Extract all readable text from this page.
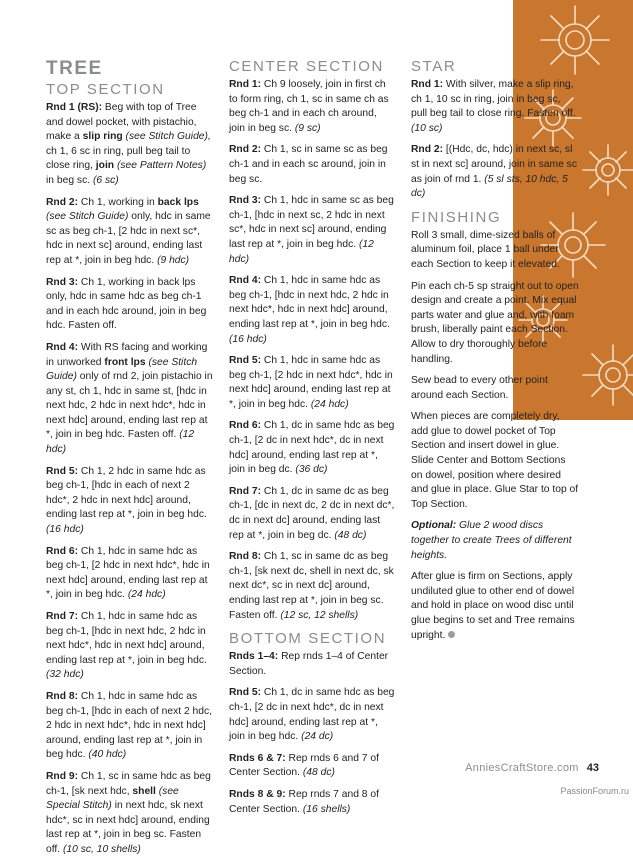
TREE
TOP SECTION
Rnd 1 (RS): Beg with top of Tree and dowel pocket, with pistachio, make a slip ring (see Stitch Guide), ch 1, 6 sc in ring, pull beg tail to close ring, join (see Pattern Notes) in beg sc. (6 sc)
Rnd 2: Ch 1, working in back lps (see Stitch Guide) only, hdc in same sc as beg ch-1, [2 hdc in next sc*, hdc in next sc] around, ending last rep at *, join in beg hdc. (9 hdc)
Rnd 3: Ch 1, working in back lps only, hdc in same hdc as beg ch-1 and in each hdc around, join in beg hdc. Fasten off.
Rnd 4: With RS facing and working in unworked front lps (see Stitch Guide) only of rnd 2, join pistachio in any st, ch 1, hdc in same st, [hdc in next hdc, 2 hdc in next hdc*, hdc in next hdc] around, ending last rep at *, join in beg hdc. Fasten off. (12 hdc)
Rnd 5: Ch 1, 2 hdc in same hdc as beg ch-1, [hdc in each of next 2 hdc*, 2 hdc in next hdc] around, ending last rep at *, join in beg hdc. (16 hdc)
Rnd 6: Ch 1, hdc in same hdc as beg ch-1, [2 hdc in next hdc*, hdc in next hdc] around, ending last rep at *, join in beg hdc. (24 hdc)
Rnd 7: Ch 1, hdc in same hdc as beg ch-1, [hdc in next hdc, 2 hdc in next hdc*, hdc in next hdc] around, ending last rep at *, join in beg hdc. (32 hdc)
Rnd 8: Ch 1, hdc in same hdc as beg ch-1, [hdc in each of next 2 hdc, 2 hdc in next hdc*, hdc in next hdc] around, ending last rep at *, join in beg hdc. (40 hdc)
Rnd 9: Ch 1, sc in same hdc as beg ch-1, [sk next hdc, shell (see Special Stitch) in next hdc, sk next hdc*, sc in next hdc] around, ending last rep at *, join in beg sc. Fasten off. (10 sc, 10 shells)
CENTER SECTION
Rnd 1: Ch 9 loosely, join in first ch to form ring, ch 1, sc in same ch as beg ch-1 and in each ch around, join in beg sc. (9 sc)
Rnd 2: Ch 1, sc in same sc as beg ch-1 and in each sc around, join in beg sc.
Rnd 3: Ch 1, hdc in same sc as beg ch-1, [hdc in next sc, 2 hdc in next sc*, hdc in next sc] around, ending last rep at *, join in beg hdc. (12 hdc)
Rnd 4: Ch 1, hdc in same hdc as beg ch-1, [hdc in next hdc, 2 hdc in next hdc*, hdc in next hdc] around, ending last rep at *, join in beg hdc. (16 hdc)
Rnd 5: Ch 1, hdc in same hdc as beg ch-1, [2 hdc in next hdc*, hdc in next hdc] around, ending last rep at *, join in beg hdc. (24 hdc)
Rnd 6: Ch 1, dc in same hdc as beg ch-1, [2 dc in next hdc*, dc in next hdc] around, ending last rep at *, join in beg dc. (36 dc)
Rnd 7: Ch 1, dc in same dc as beg ch-1, [dc in next dc, 2 dc in next dc*, dc in next dc] around, ending last rep at *, join in beg dc. (48 dc)
Rnd 8: Ch 1, sc in same dc as beg ch-1, [sk next dc, shell in next dc, sk next dc*, sc in next dc] around, ending last rep at *, join in beg sc. Fasten off. (12 sc, 12 shells)
BOTTOM SECTION
Rnds 1–4: Rep rnds 1–4 of Center Section.
Rnd 5: Ch 1, dc in same hdc as beg ch-1, [2 dc in next hdc*, dc in next hdc] around, ending last rep at *, join in beg hdc. (24 dc)
Rnds 6 & 7: Rep rnds 6 and 7 of Center Section. (48 dc)
Rnds 8 & 9: Rep rnds 7 and 8 of Center Section. (16 shells)
STAR
Rnd 1: With silver, make a slip ring, ch 1, 10 sc in ring, join in beg sc, pull beg tail to close ring. Fasten off. (10 sc)
Rnd 2: [(Hdc, dc, hdc) in next sc, sl st in next sc] around, join in same sc as join of rnd 1. (5 sl sts, 10 hdc, 5 dc)
FINISHING

Roll 3 small, dime-sized balls of aluminum foil, place 1 ball under each Section to keep it elevated.

Pin each ch-5 sp straight out to open design and create a point. Mix equal parts water and glue and, with foam brush, liberally paint each Section. Allow to dry thoroughly before handling.

Sew bead to every other point around each Section.

When pieces are completely dry, add glue to dowel pocket of Top Section and insert dowel in glue. Slide Center and Bottom Sections on dowel, position where desired and glue in place. Glue Star to top of Top Section.

Optional: Glue 2 wood discs together to create Trees of different heights.

After glue is firm on Sections, apply undiluted glue to other end of dowel and hold in place on wood disc until glue begins to set and Tree remains upright.

AnniesCraftStore.com 43
PassionForum.ru
